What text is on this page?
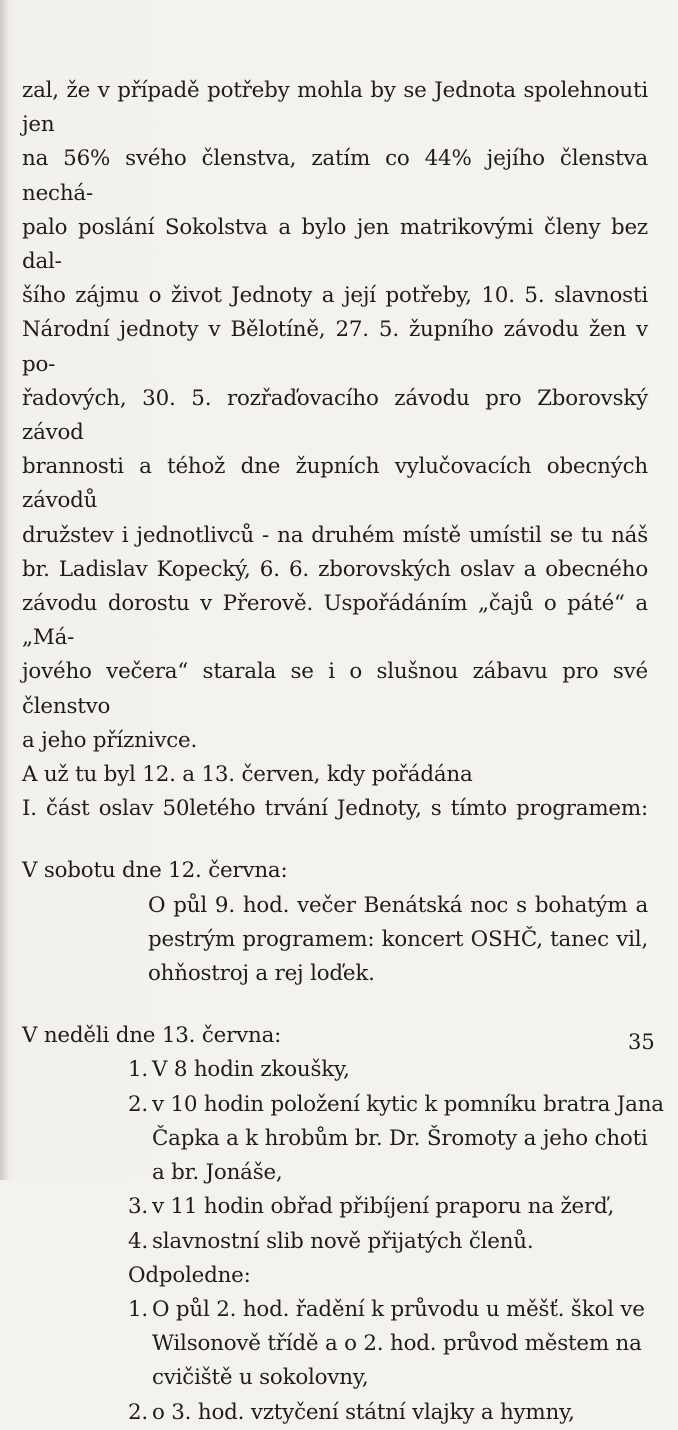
zal, že v případě potřeby mohla by se Jednota spolehnouti jen
na 56% svého členstva, zatím co 44% jejího členstva nechá-
palo poslání Sokolstva a bylo jen matrikovými členy bez dal-
šího zájmu o život Jednoty a její potřeby, 10. 5. slavnosti
Národní jednoty v Bělotíně, 27. 5. župního závodu žen v po-
řadových, 30. 5. rozřaďovacího závodu pro Zborovský závod
brannosti a téhož dne župních vylučovacích obecných závodů
družstev i jednotlivců - na druhém místě umístil se tu náš
br. Ladislav Kopecký, 6. 6. zborovských oslav a obecného
závodu dorostu v Přerově. Uspořádáním „čajů o páté“ a „Má-
jového večera“ starala se i o slušnou zábavu pro své členstvo
a jeho příznivce.
A už tu byl 12. a 13. červen, kdy pořádána
I. část oslav 50letého trvání Jednoty, s tímto programem:
V sobotu dne 12. června:
O půl 9. hod. večer Benátská noc s bohatým a
pestrým programem: koncert OSHČ, tanec vil,
ohňostroj a rej loďek.
V neděli dne 13. června:
1. V 8 hodin zkoušky,
2. v 10 hodin položení kytic k pomníku bratra Jana
Čapka a k hrobům br. Dr. Šromoty a jeho choti
a br. Jonáše,
3. v 11 hodin obřad přibíjení praporu na žerď,
4. slavnostní slib nově přijatých členů.
Odpoledne:
1. O půl 2. hod. řadění k průvodu u měšť. škol ve
Wilsonově třídě a o 2. hod. průvod městem na
cvičiště u sokolovny,
2. o 3. hod. vztyčení státní vlajky a hymny,
35
